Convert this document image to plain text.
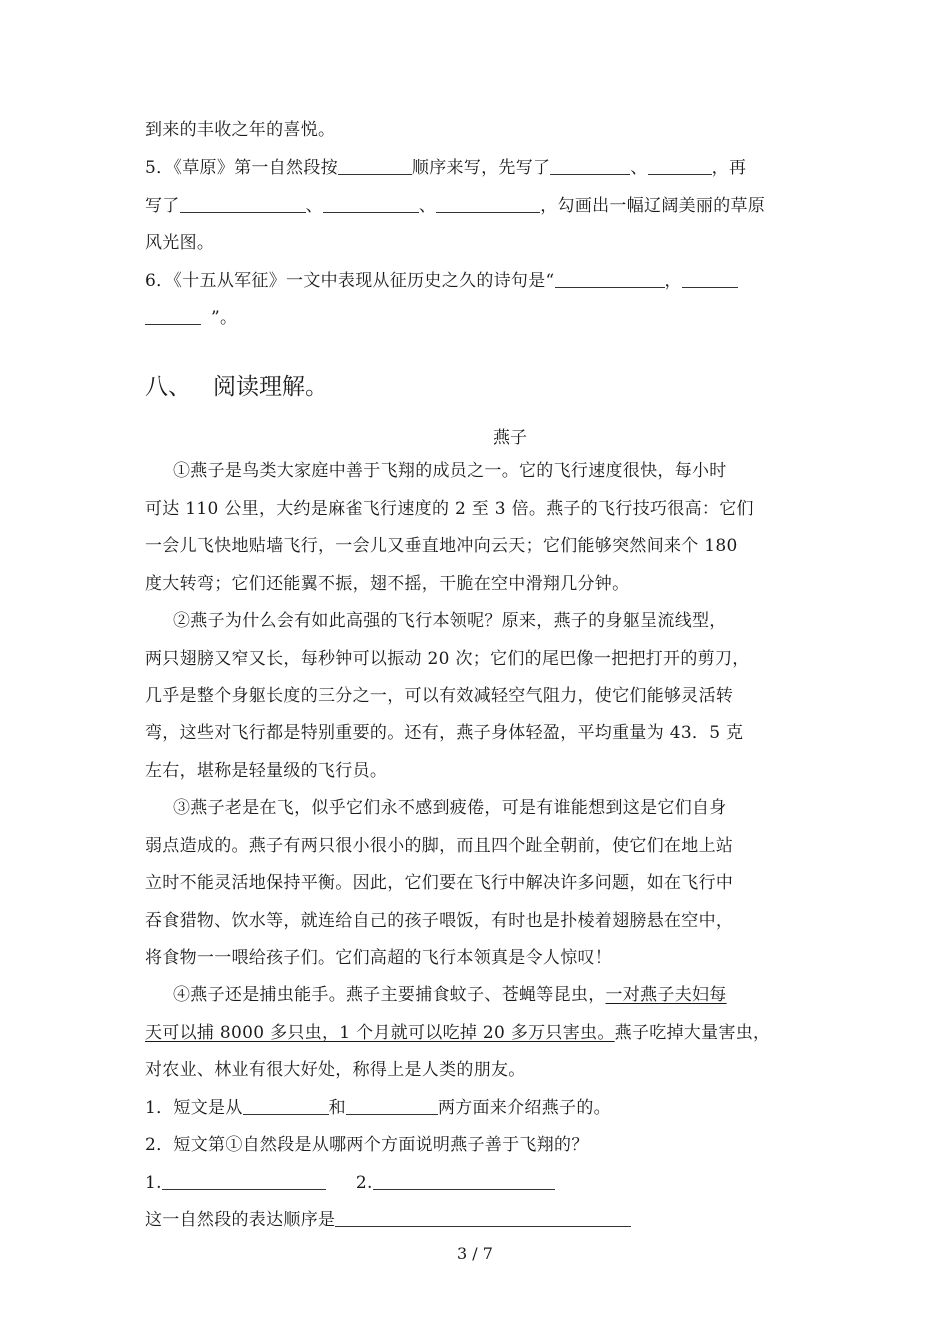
到来的丰收之年的喜悦。
5．《草原》第一自然段按	顺序来写，先写了	、	，再
写了	、	、	，勾画出一幅辽阔美丽的草原
风光图。
6．《十五从军征》一文中表现从征历史之久的诗句是“	，
”。
八、 阅读理解。
燕子
①燕子是鸟类大家庭中善于飞翔的成员之一。它的飞行速度很快，每小时
可达 110 公里，大约是麻雀飞行速度的 2 至 3 倍。燕子的飞行技巧很高：它们
一会儿飞快地贴墙飞行，一会儿又垂直地冲向云天；它们能够突然间来个 180
度大转弯；它们还能翼不振，翅不摇，干脆在空中滑翔几分钟。
②燕子为什么会有如此高强的飞行本领呢？原来，燕子的身躯呈流线型，
两只翅膀又窄又长，每秒钟可以振动 20 次；它们的尾巴像一把把打开的剪刀，
几乎是整个身躯长度的三分之一，可以有效减轻空气阻力，使它们能够灵活转
弯，这些对飞行都是特别重要的。还有，燕子身体轻盈，平均重量为 43．5 克
左右，堪称是轻量级的飞行员。
③燕子老是在飞，似乎它们永不感到疲倦，可是有谁能想到这是它们自身
弱点造成的。燕子有两只很小很小的脚，而且四个趾全朝前，使它们在地上站
立时不能灵活地保持平衡。因此，它们要在飞行中解决许多问题，如在飞行中
吞食猎物、饮水等，就连给自己的孩子喂饭，有时也是扑棱着翅膀悬在空中，
将食物一一喂给孩子们。它们高超的飞行本领真是令人惊叹！
④燕子还是捕虫能手。燕子主要捕食蚊子、苍蝇等昆虫，一对燕子夫妇每
天可以捕 8000 多只虫，1 个月就可以吃掉 20 多万只害虫。燕子吃掉大量害虫，
对农业、林业有很大好处，称得上是人类的朋友。
1．短文是从	和	两方面来介绍燕子的。
2．短文第①自然段是从哪两个方面说明燕子善于飞翔的？
1.	2.
这一自然段的表达顺序是
3 / 7
